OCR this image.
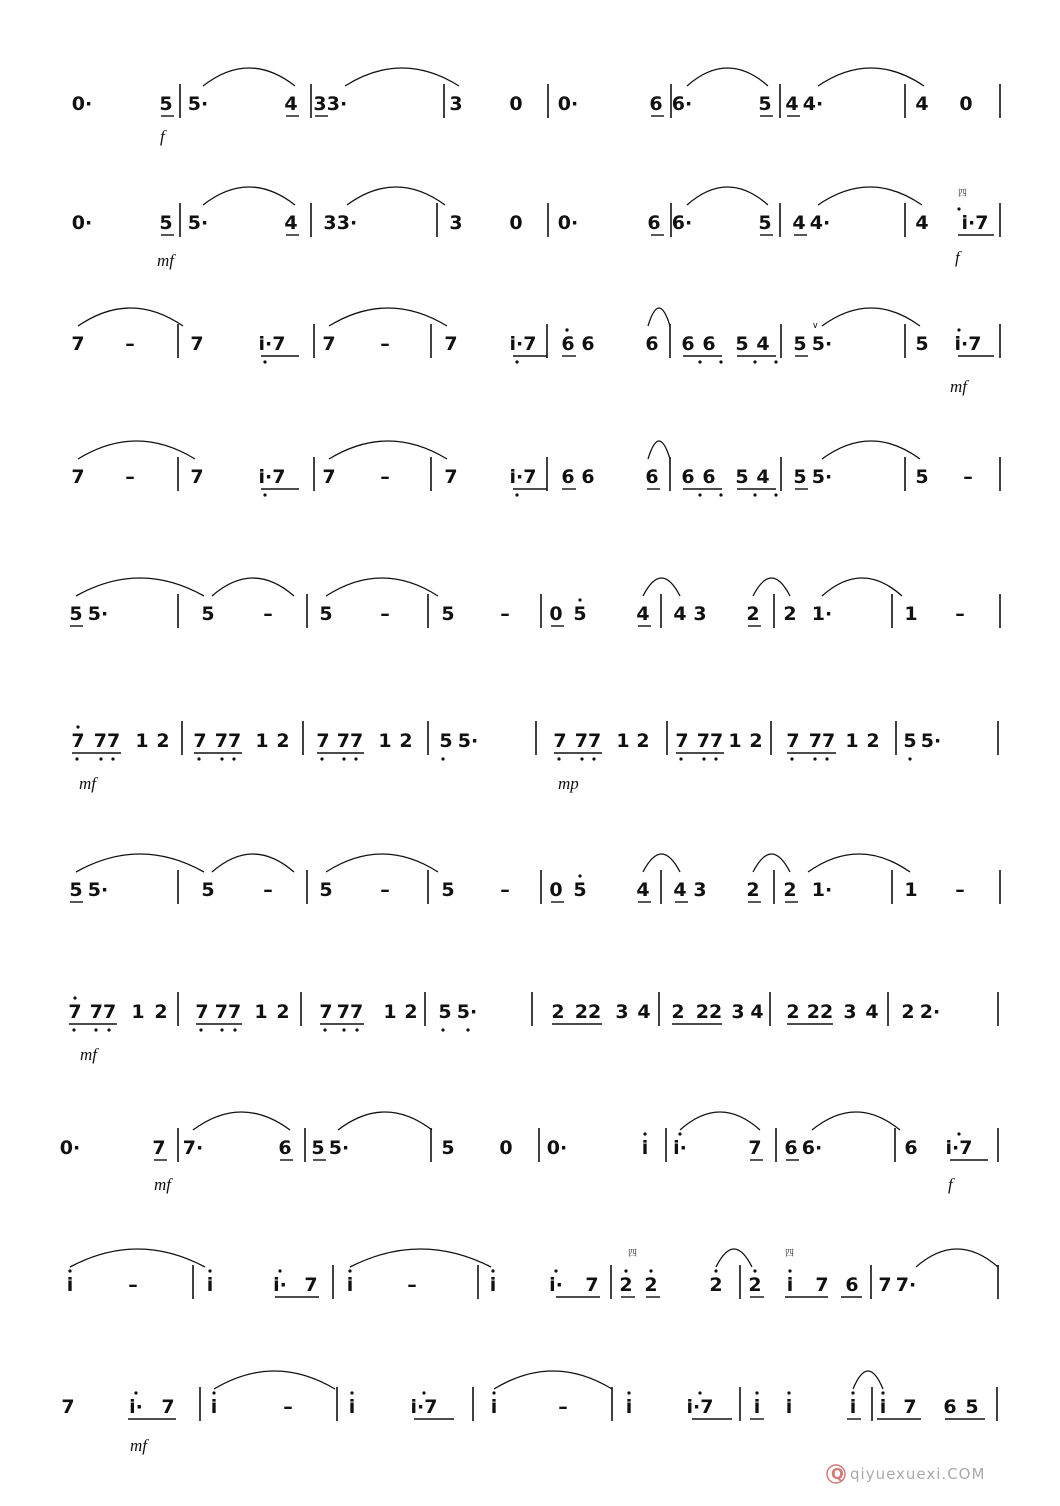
0·	5 5·	4 3 3·	3 0 0·	6 6·	5 4 4·	4 0
f
0·	5 5·	4 3 3·	3 0 0·	6 6·	5 4 4·	4 i·7
mf	f
7 –	7	i·7 7 –	7	i·7 6 6	6 6 6 5 4 5 5·	5 i·7
mf
7 –	7	i·7 7 –	7	i·7 6 6	6 6 6 5 4 5 5·	5 –
5 5·	5	– 5	–	5 – 0 5	4 4 3 2 2 1·	1 –
7 77 1 2 7 77 1 2 7 77 1 2 5 5·	7 77 1 2 7 77 1 2 7 77 1 2 5 5·
mf	mp
5 5·	5	– 5	–	5 – 0 5	4 4 3 2 2 1·	1 –
7 77 1 2 7 77 1 2 7 77 1 2 5 5·	2 22 3 4 2 22 3 4 2 22 3 4 2 2·
mf
0·	7 7·	6 5 5·	5 0 0·	i i·	7 6 6·	6 i·7
mf	f
i	–	i	i· 7 i	–	i	i· 7 2 2	2 2 i 7 6 7 7·
7	i· 7 i	–	i	i·7	i	–	i	i·7 i i	i i 7 6 5
mf
∨
四
四	四
Q qiyuexuexi.COM
